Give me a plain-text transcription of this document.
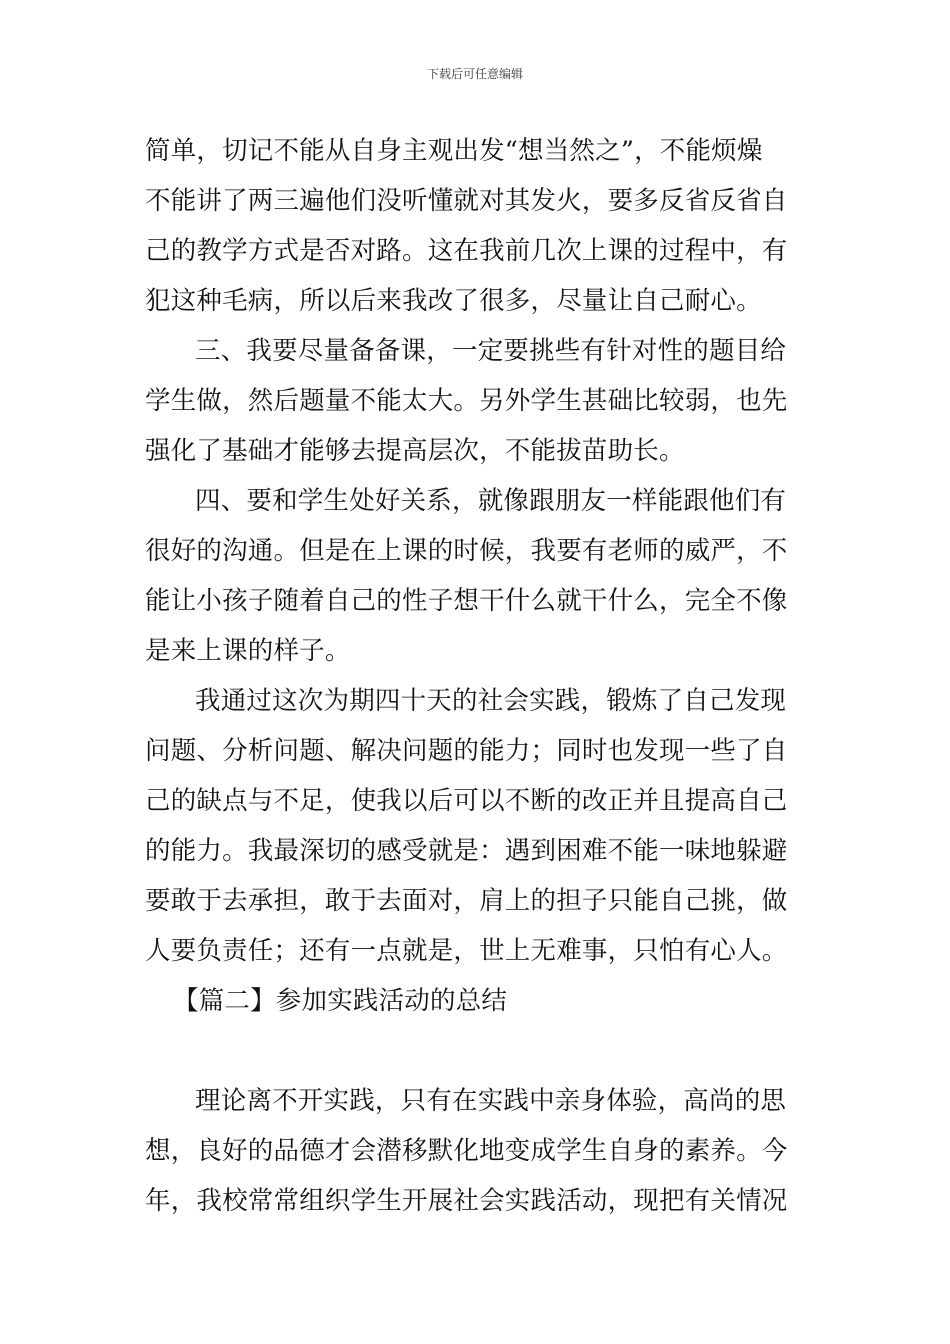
下载后可任意编辑
简单，切记不能从自身主观出发“想当然之”，不能烦燥
不能讲了两三遍他们没听懂就对其发火，要多反省反省自
己的教学方式是否对路。这在我前几次上课的过程中，有
犯这种毛病，所以后来我改了很多，尽量让自己耐心。
三、我要尽量备备课，一定要挑些有针对性的题目给
学生做，然后题量不能太大。另外学生甚础比较弱，也先
强化了基础才能够去提高层次，不能拔苗助长。
四、要和学生处好关系，就像跟朋友一样能跟他们有
很好的沟通。但是在上课的时候，我要有老师的威严，不
能让小孩子随着自己的性子想干什么就干什么，完全不像
是来上课的样子。
我通过这次为期四十天的社会实践，锻炼了自己发现
问题、分析问题、解决问题的能力；同时也发现一些了自
己的缺点与不足，使我以后可以不断的改正并且提高自己
的能力。我最深切的感受就是：遇到困难不能一味地躲避
要敢于去承担，敢于去面对，肩上的担子只能自己挑，做
人要负责任；还有一点就是，世上无难事，只怕有心人。
【篇二】参加实践活动的总结
理论离不开实践，只有在实践中亲身体验，高尚的思
想，良好的品德才会潜移默化地变成学生自身的素养。今
年，我校常常组织学生开展社会实践活动，现把有关情况
